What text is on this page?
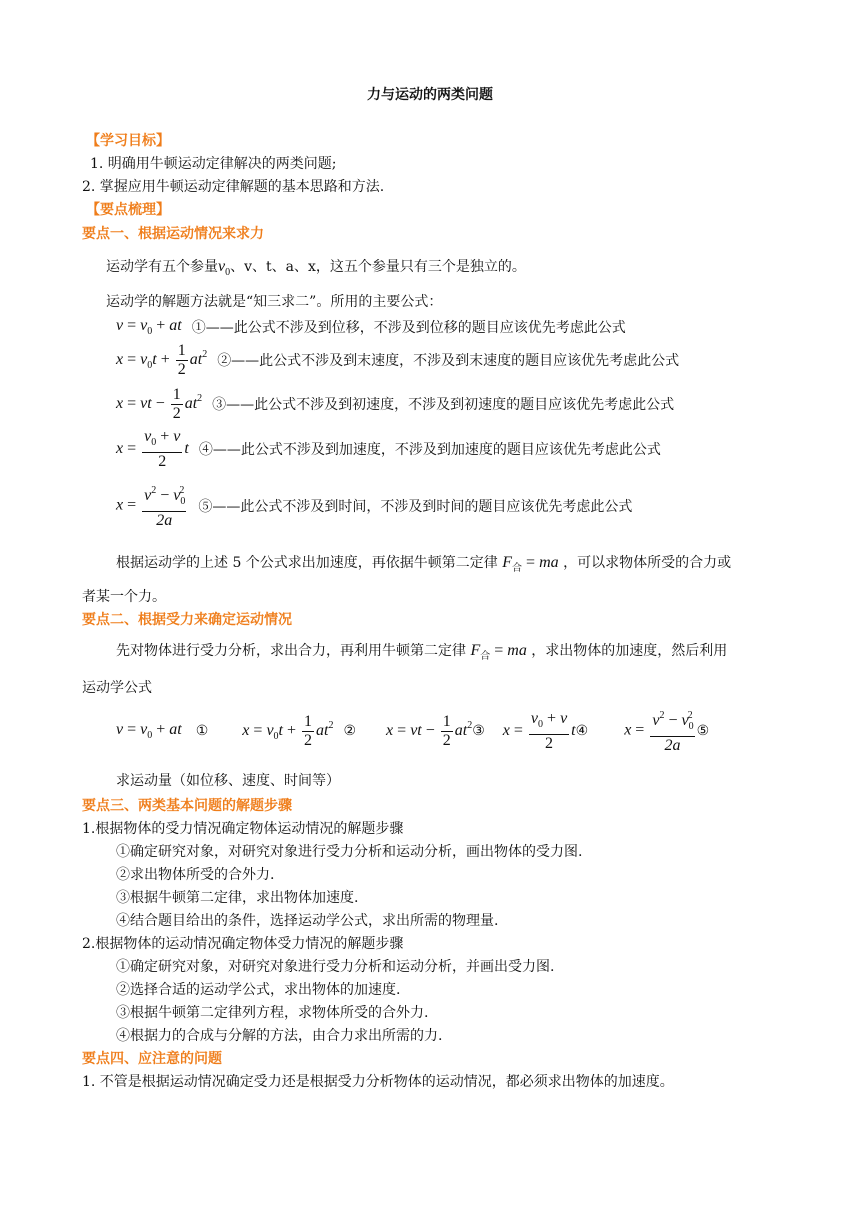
力与运动的两类问题
【学习目标】
1. 明确用牛顿运动定律解决的两类问题;
2. 掌握应用牛顿运动定律解题的基本思路和方法.
【要点梳理】
要点一、根据运动情况来求力
运动学有五个参量$v_0$、v、t、a、x，这五个参量只有三个是独立的。
运动学的解题方法就是“知三求二”。所用的主要公式：
$v = v_0$ + at ①——此公式不涉及到位移，不涉及到位移的题目应该优先考虑此公式
$x = v_0t + \frac{1}{2} at^2$ ②——此公式不涉及到末速度，不涉及到末速度的题目应该优先考虑此公式
x = vt − $\frac{1}{2} at^2$ ③——此公式不涉及到初速度，不涉及到初速度的题目应该优先考虑此公式
$x = \frac{v_0 + v}{2}$ t ④——此公式不涉及到加速度，不涉及到加速度的题目应该优先考虑此公式
$x = \frac{v^2 - v_0^2}{2a}$ ⑤——此公式不涉及到时间，不涉及到时间的题目应该优先考虑此公式
根据运动学的上述 5 个公式求出加速度，再依据牛顿第二定律 $F_合$ = ma ，可以求物体所受的合力或
者某一个力。
要点二、根据受力来确定运动情况
先对物体进行受力分析，求出合力，再利用牛顿第二定律 $F_合$ = ma ，求出物体的加速度，然后利用
运动学公式
$v = v_0$ + at ① $x = v_0t + \frac{1}{2} at^2$ ② x = vt − $\frac{1}{2} at^2$ ③ $x = \frac{v_0 + v}{2}$ t ④ $x = \frac{v^2 - v_0^2}{2a}$ ⑤
求运动量（如位移、速度、时间等）
要点三、两类基本问题的解题步骤
1.根据物体的受力情况确定物体运动情况的解题步骤
①确定研究对象，对研究对象进行受力分析和运动分析，画出物体的受力图.
②求出物体所受的合外力.
③根据牛顿第二定律，求出物体加速度.
④结合题目给出的条件，选择运动学公式，求出所需的物理量.
2.根据物体的运动情况确定物体受力情况的解题步骤
①确定研究对象，对研究对象进行受力分析和运动分析，并画出受力图.
②选择合适的运动学公式，求出物体的加速度.
③根据牛顿第二定律列方程，求物体所受的合外力.
④根据力的合成与分解的方法，由合力求出所需的力.
要点四、应注意的问题
1. 不管是根据运动情况确定受力还是根据受力分析物体的运动情况，都必须求出物体的加速度。
